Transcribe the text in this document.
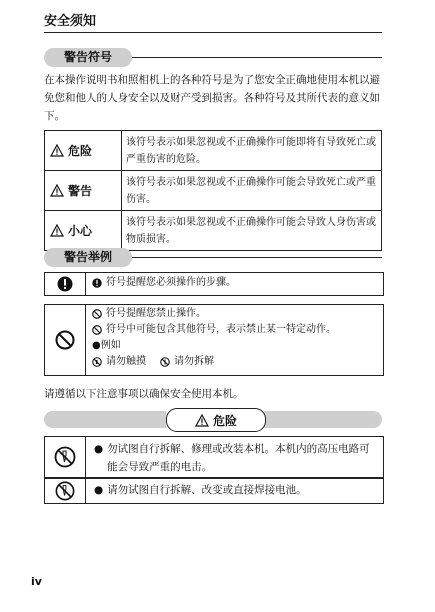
安全须知
警告符号
在本操作说明书和照相机上的各种符号是为了您安全正确地使用本机以避免您和他人的人身安全以及财产受到损害。各种符号及其所代表的意义如下。
危险	该符号表示如果忽视或不正确操作可能即将有导致死亡或严重伤害的危险。

警告	该符号表示如果忽视或不正确操作可能会导致死亡或严重伤害。

小心	该符号表示如果忽视或不正确操作可能会导致人身伤害或物质损害。
警告举例
符号提醒您必须操作的步骤。
符号提醒您禁止操作。
符号中可能包含其他符号，表示禁止某一特定动作。
● 例如
请勿触摸	请勿拆解
请遵循以下注意事项以确保安全使用本机。
危险
● 勿试图自行拆解、修理或改装本机。本机内的高压电路可能会导致严重的电击。
● 请勿试图自行拆解、改变或直接焊接电池。
iv
